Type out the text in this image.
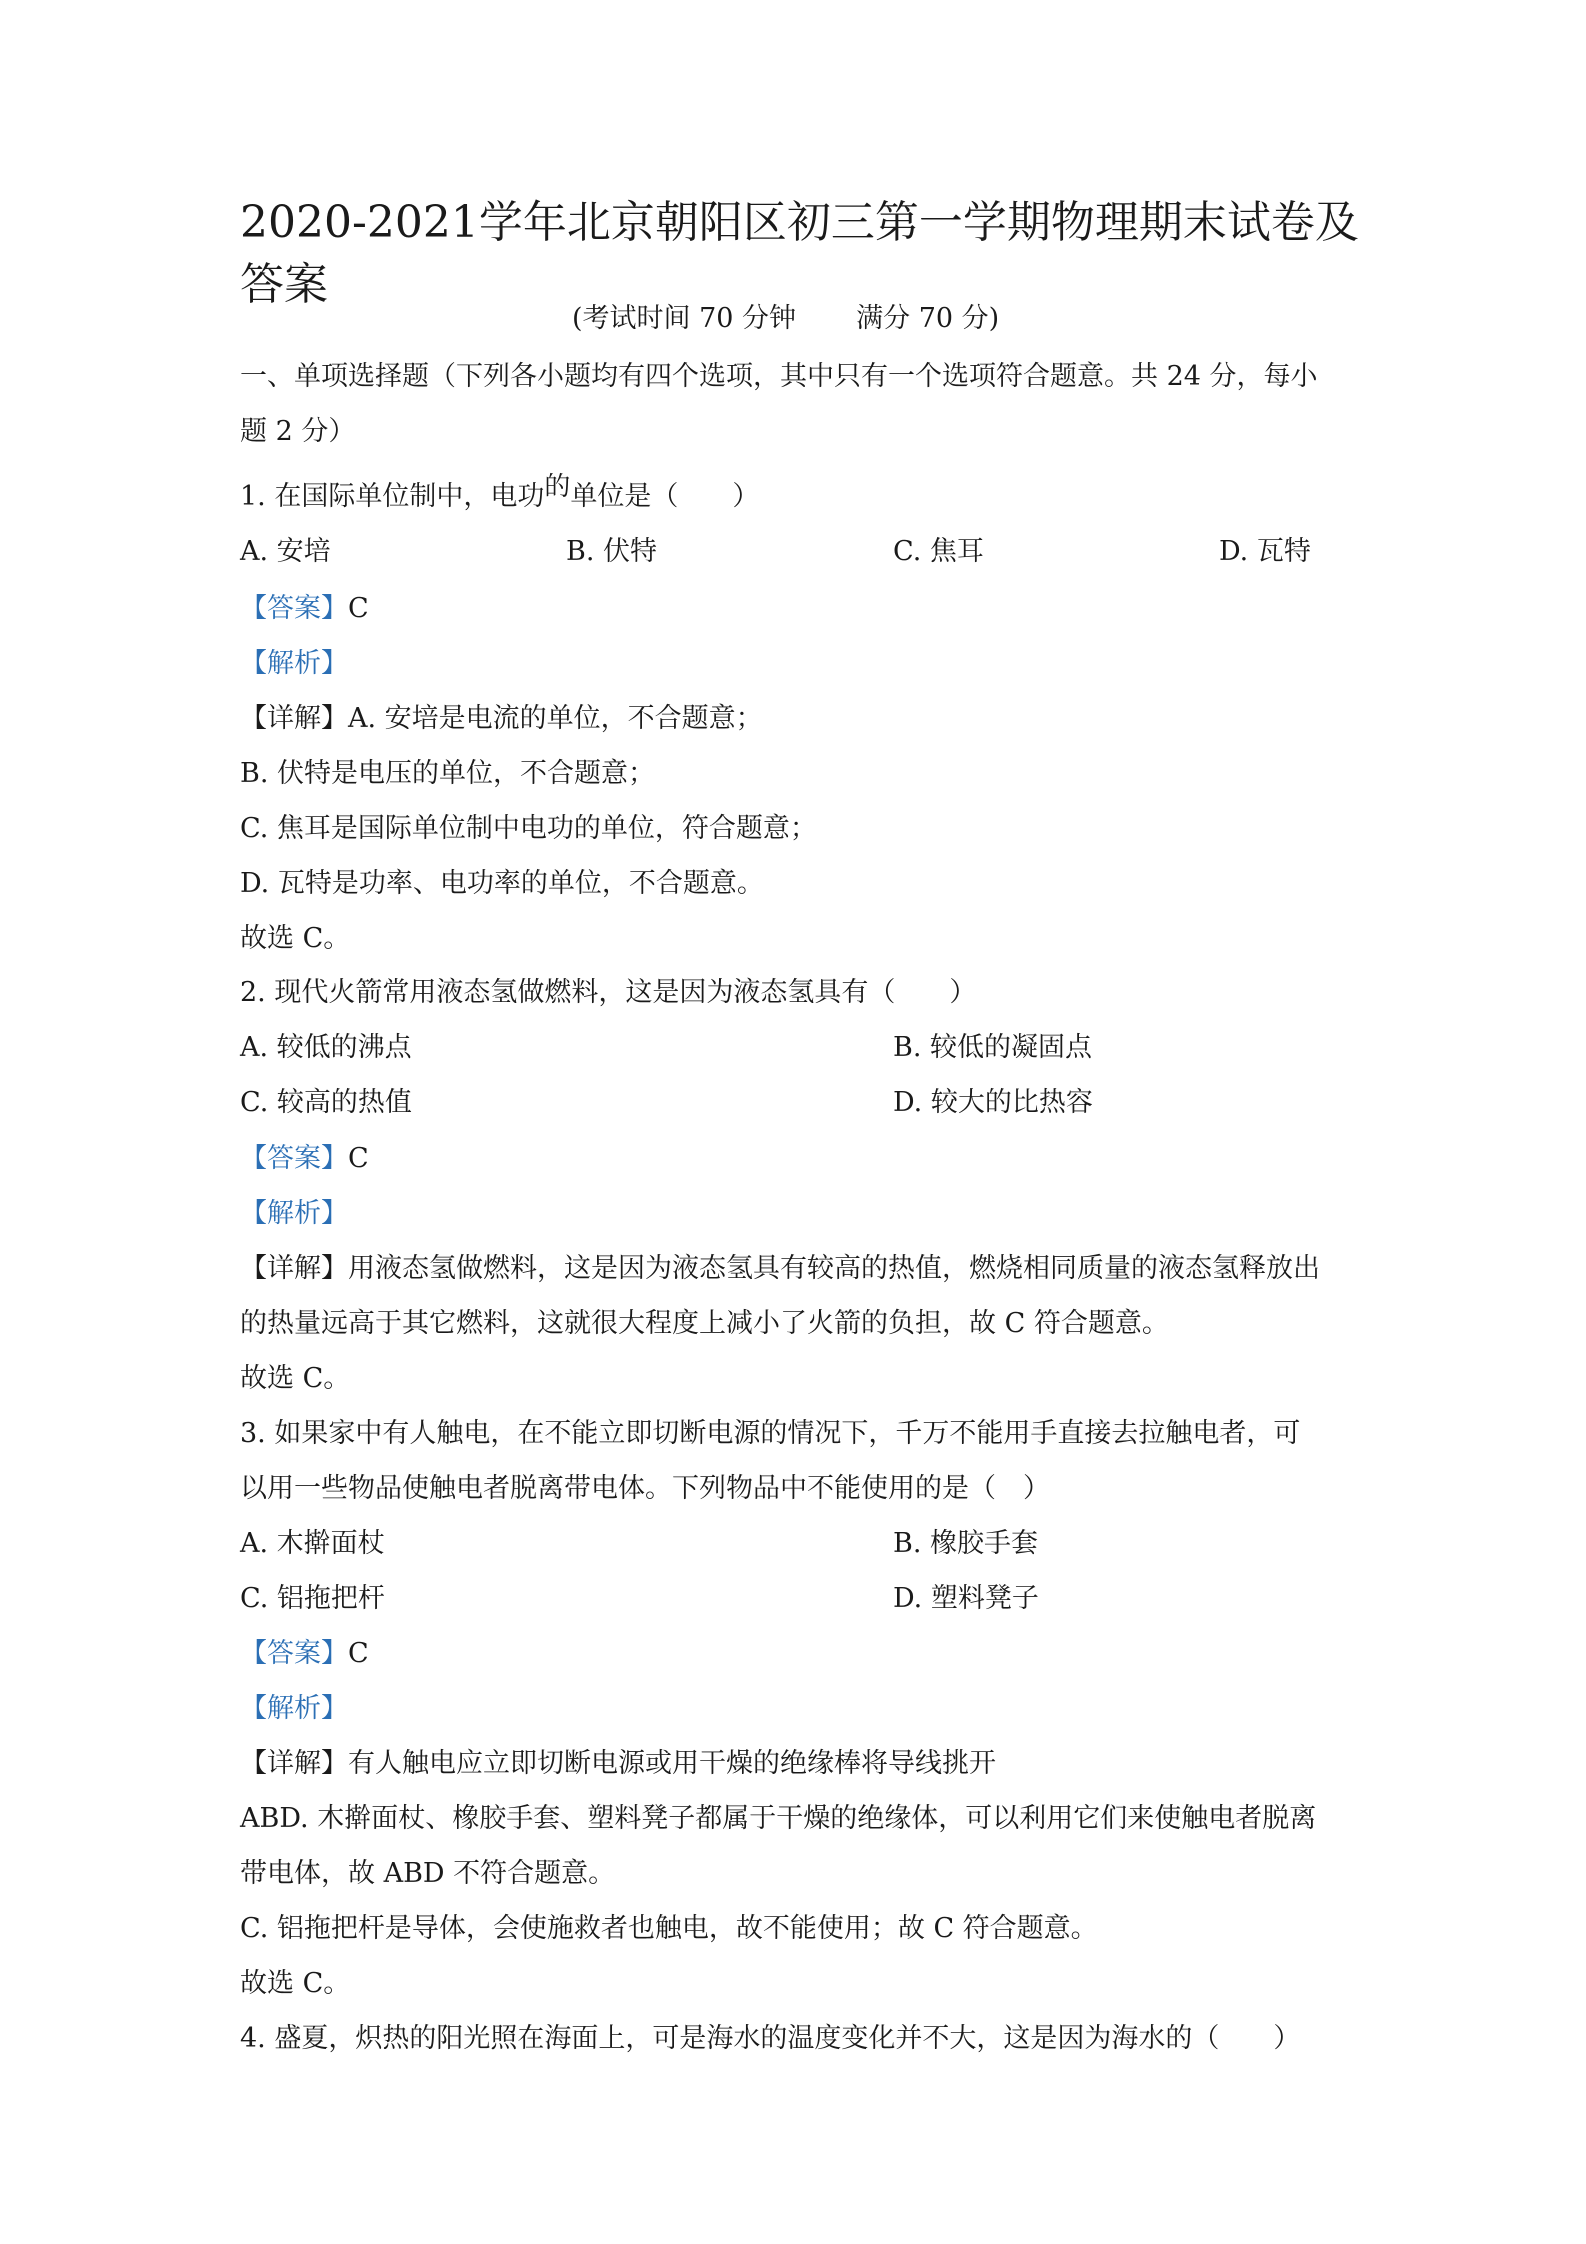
2020-2021学年北京朝阳区初三第一学期物理期末试卷及答案
(考试时间 70 分钟       满分 70 分)
一、单项选择题（下列各小题均有四个选项，其中只有一个选项符合题意。共 24 分，每小
题 2 分）
1. 在国际单位制中，电功的单位是（　　）
A. 安培	B. 伏特	C. 焦耳	D. 瓦特
【答案】C
【解析】
【详解】A. 安培是电流的单位，不合题意；
B. 伏特是电压的单位，不合题意；
C. 焦耳是国际单位制中电功的单位，符合题意；
D. 瓦特是功率、电功率的单位，不合题意。
故选 C。
2. 现代火箭常用液态氢做燃料，这是因为液态氢具有（　　）
A. 较低的沸点	B. 较低的凝固点
C. 较高的热值	D. 较大的比热容
【答案】C
【解析】
【详解】用液态氢做燃料，这是因为液态氢具有较高的热值，燃烧相同质量的液态氢释放出
的热量远高于其它燃料，这就很大程度上减小了火箭的负担，故 C 符合题意。
故选 C。
3. 如果家中有人触电，在不能立即切断电源的情况下，千万不能用手直接去拉触电者，可
以用一些物品使触电者脱离带电体。下列物品中不能使用的是（　）
A. 木擀面杖	B. 橡胶手套
C. 铝拖把杆	D. 塑料凳子
【答案】C
【解析】
【详解】有人触电应立即切断电源或用干燥的绝缘棒将导线挑开
ABD. 木擀面杖、橡胶手套、塑料凳子都属于干燥的绝缘体，可以利用它们来使触电者脱离
带电体，故 ABD 不符合题意。
C. 铝拖把杆是导体，会使施救者也触电，故不能使用；故 C 符合题意。
故选 C。
4. 盛夏，炽热的阳光照在海面上，可是海水的温度变化并不大，这是因为海水的（　　）
